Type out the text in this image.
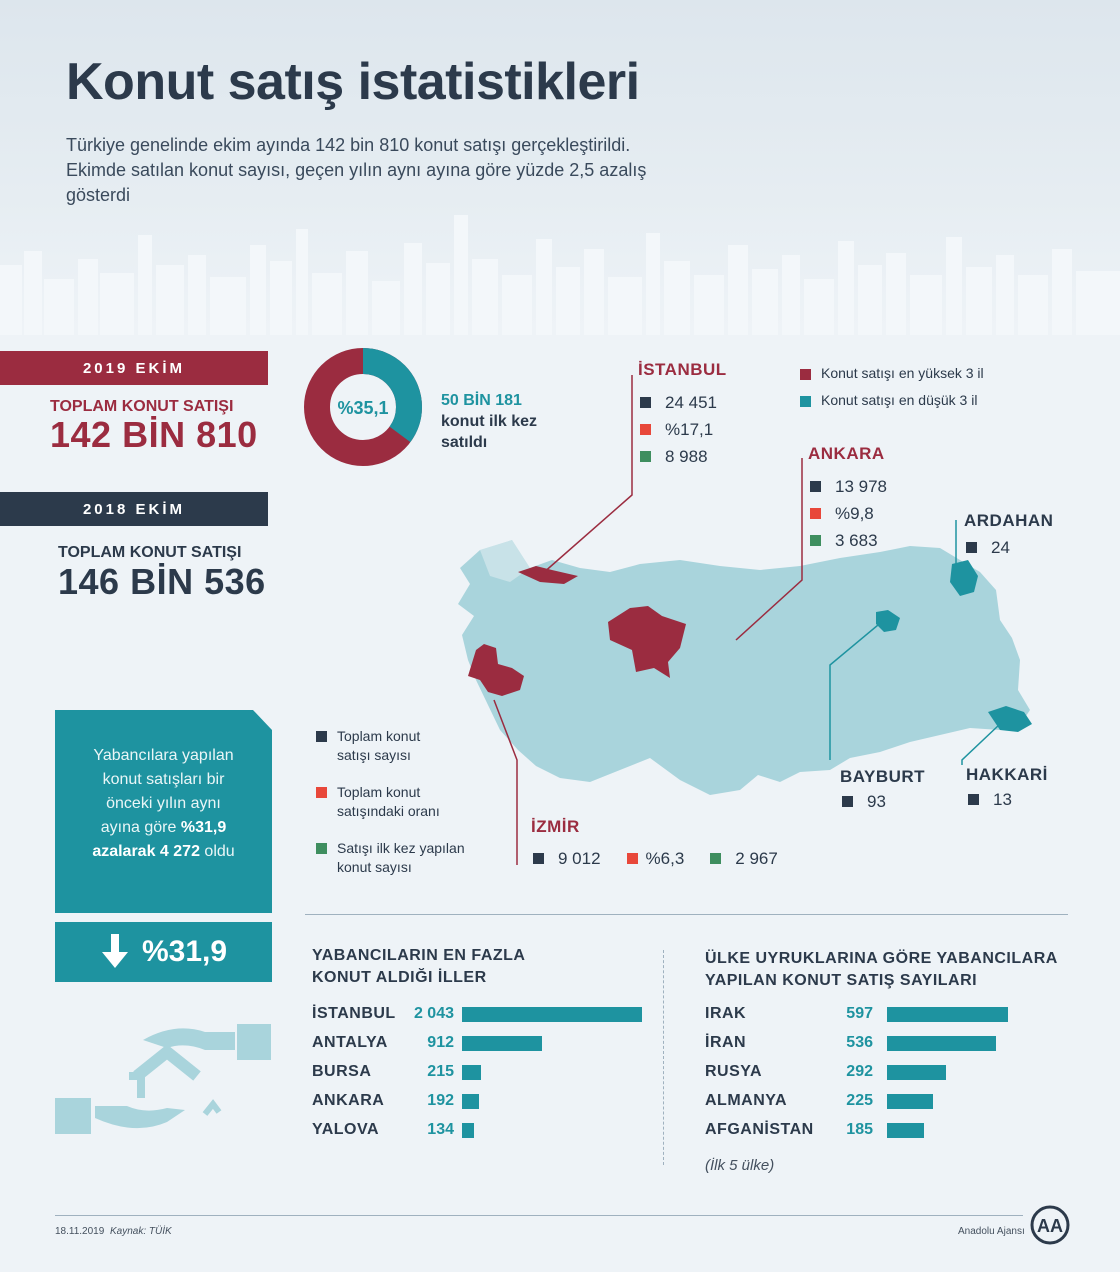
Konut satış istatistikleri
Türkiye genelinde ekim ayında 142 bin 810 konut satışı gerçekleştirildi.
Ekimde satılan konut sayısı, geçen yılın aynı ayına göre yüzde 2,5 azalış
gösterdi
2019 EKİM
TOPLAM KONUT SATIŞI
142 BİN 810
2018 EKİM
TOPLAM KONUT SATIŞI
146 BİN 536
%35,1	50 BİN 181
konut ilk kez
satıldı
Konut satışı en yüksek 3 il
Konut satışı en düşük 3 il
İSTANBUL
24 451
%17,1
8 988	ANKARA
13 978
%9,8
3 683
ARDAHAN
24
BAYBURT
93
HAKKARİ
13
İZMİR
9 012	%6,3	2 967
Toplam konut
satışı sayısı
Toplam konut
satışındaki oranı
Satışı ilk kez yapılan
konut sayısı
Yabancılara yapılan
konut satışları bir
önceki yılın aynı
ayına göre %31,9
azalarak 4 272 oldu
%31,9	YABANCILARIN EN FAZLA
KONUT ALDIĞI İLLER
İSTANBUL 2 043
ANTALYA 912
BURSA	215
ANKARA	192
YALOVA	134
ÜLKE UYRUKLARINA GÖRE YABANCILARA
YAPILAN KONUT SATIŞ SAYILARI
IRAK	597
İRAN	536
RUSYA	292
ALMANYA	225
AFGANİSTAN 185
(İlk 5 ülke)
18.11.2019 Kaynak: TÜİK	Anadolu Ajansı AA
